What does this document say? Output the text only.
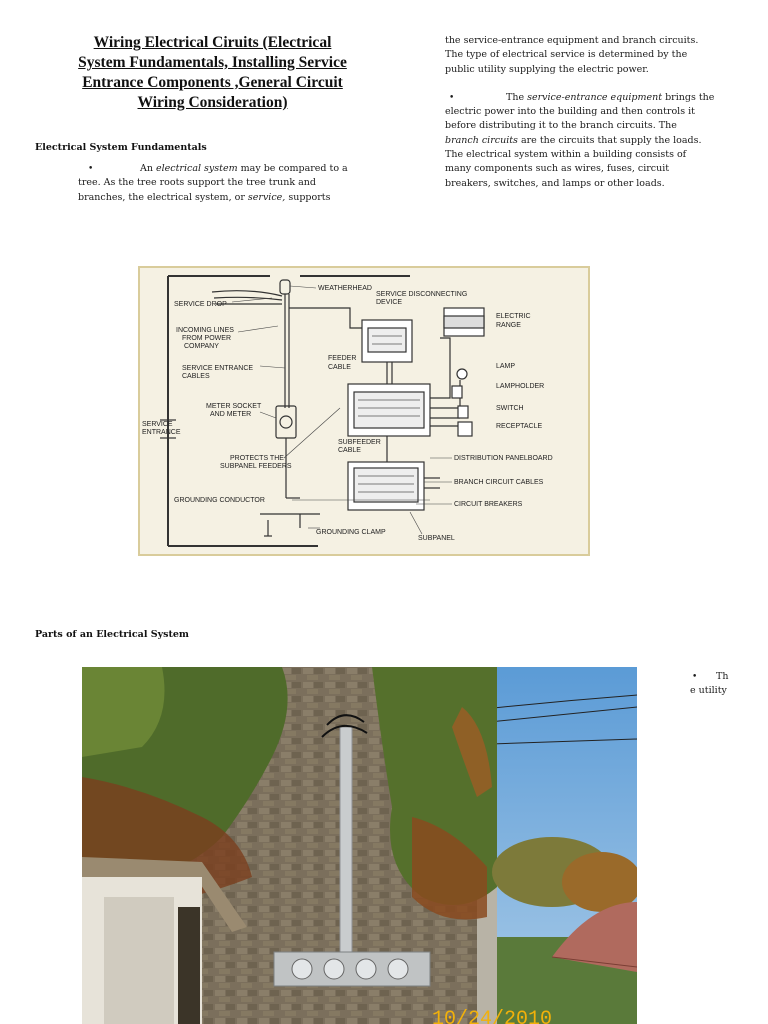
Wiring Electrical Ciruits (Electrical
System Fundamentals, Installing Service
Entrance Components ,General Circuit
Wiring Consideration)
Electrical System Fundamentals
•	An electrical system may be compared to a
tree. As the tree roots support the tree trunk and
branches, the electrical system, or service, supports
the service-entrance equipment and branch circuits.
The type of electrical service is determined by the
public utility supplying the electric power.
•	The service-entrance equipment brings the
electric power into the building and then controls it
before distributing it to the branch circuits. The
branch circuits are the circuits that supply the loads.
The electrical system within a building consists of
many components such as wires, fuses, circuit
breakers, switches, and lamps or other loads.
WEATHERHEAD
SERVICE DROP
SERVICE DISCONNECTING
DEVICE
ELECTRIC
RANGE
INCOMING LINES
FROM POWER
COMPANY
FEEDER
CABLE
SERVICE ENTRANCE
CABLES
LAMP
LAMPHOLDER
METER SOCKET
AND METER
SWITCH
SERVICE
ENTRANCE
RECEPTACLE
SUBFEEDER
CABLE
PROTECTS THE
SUBPANEL FEEDERS
DISTRIBUTION PANELBOARD
BRANCH CIRCUIT CABLES
CIRCUIT BREAKERS
GROUNDING CONDUCTOR
GROUNDING CLAMP
SUBPANEL
Parts of an Electrical System
• Th
e utility
10/24/2010
